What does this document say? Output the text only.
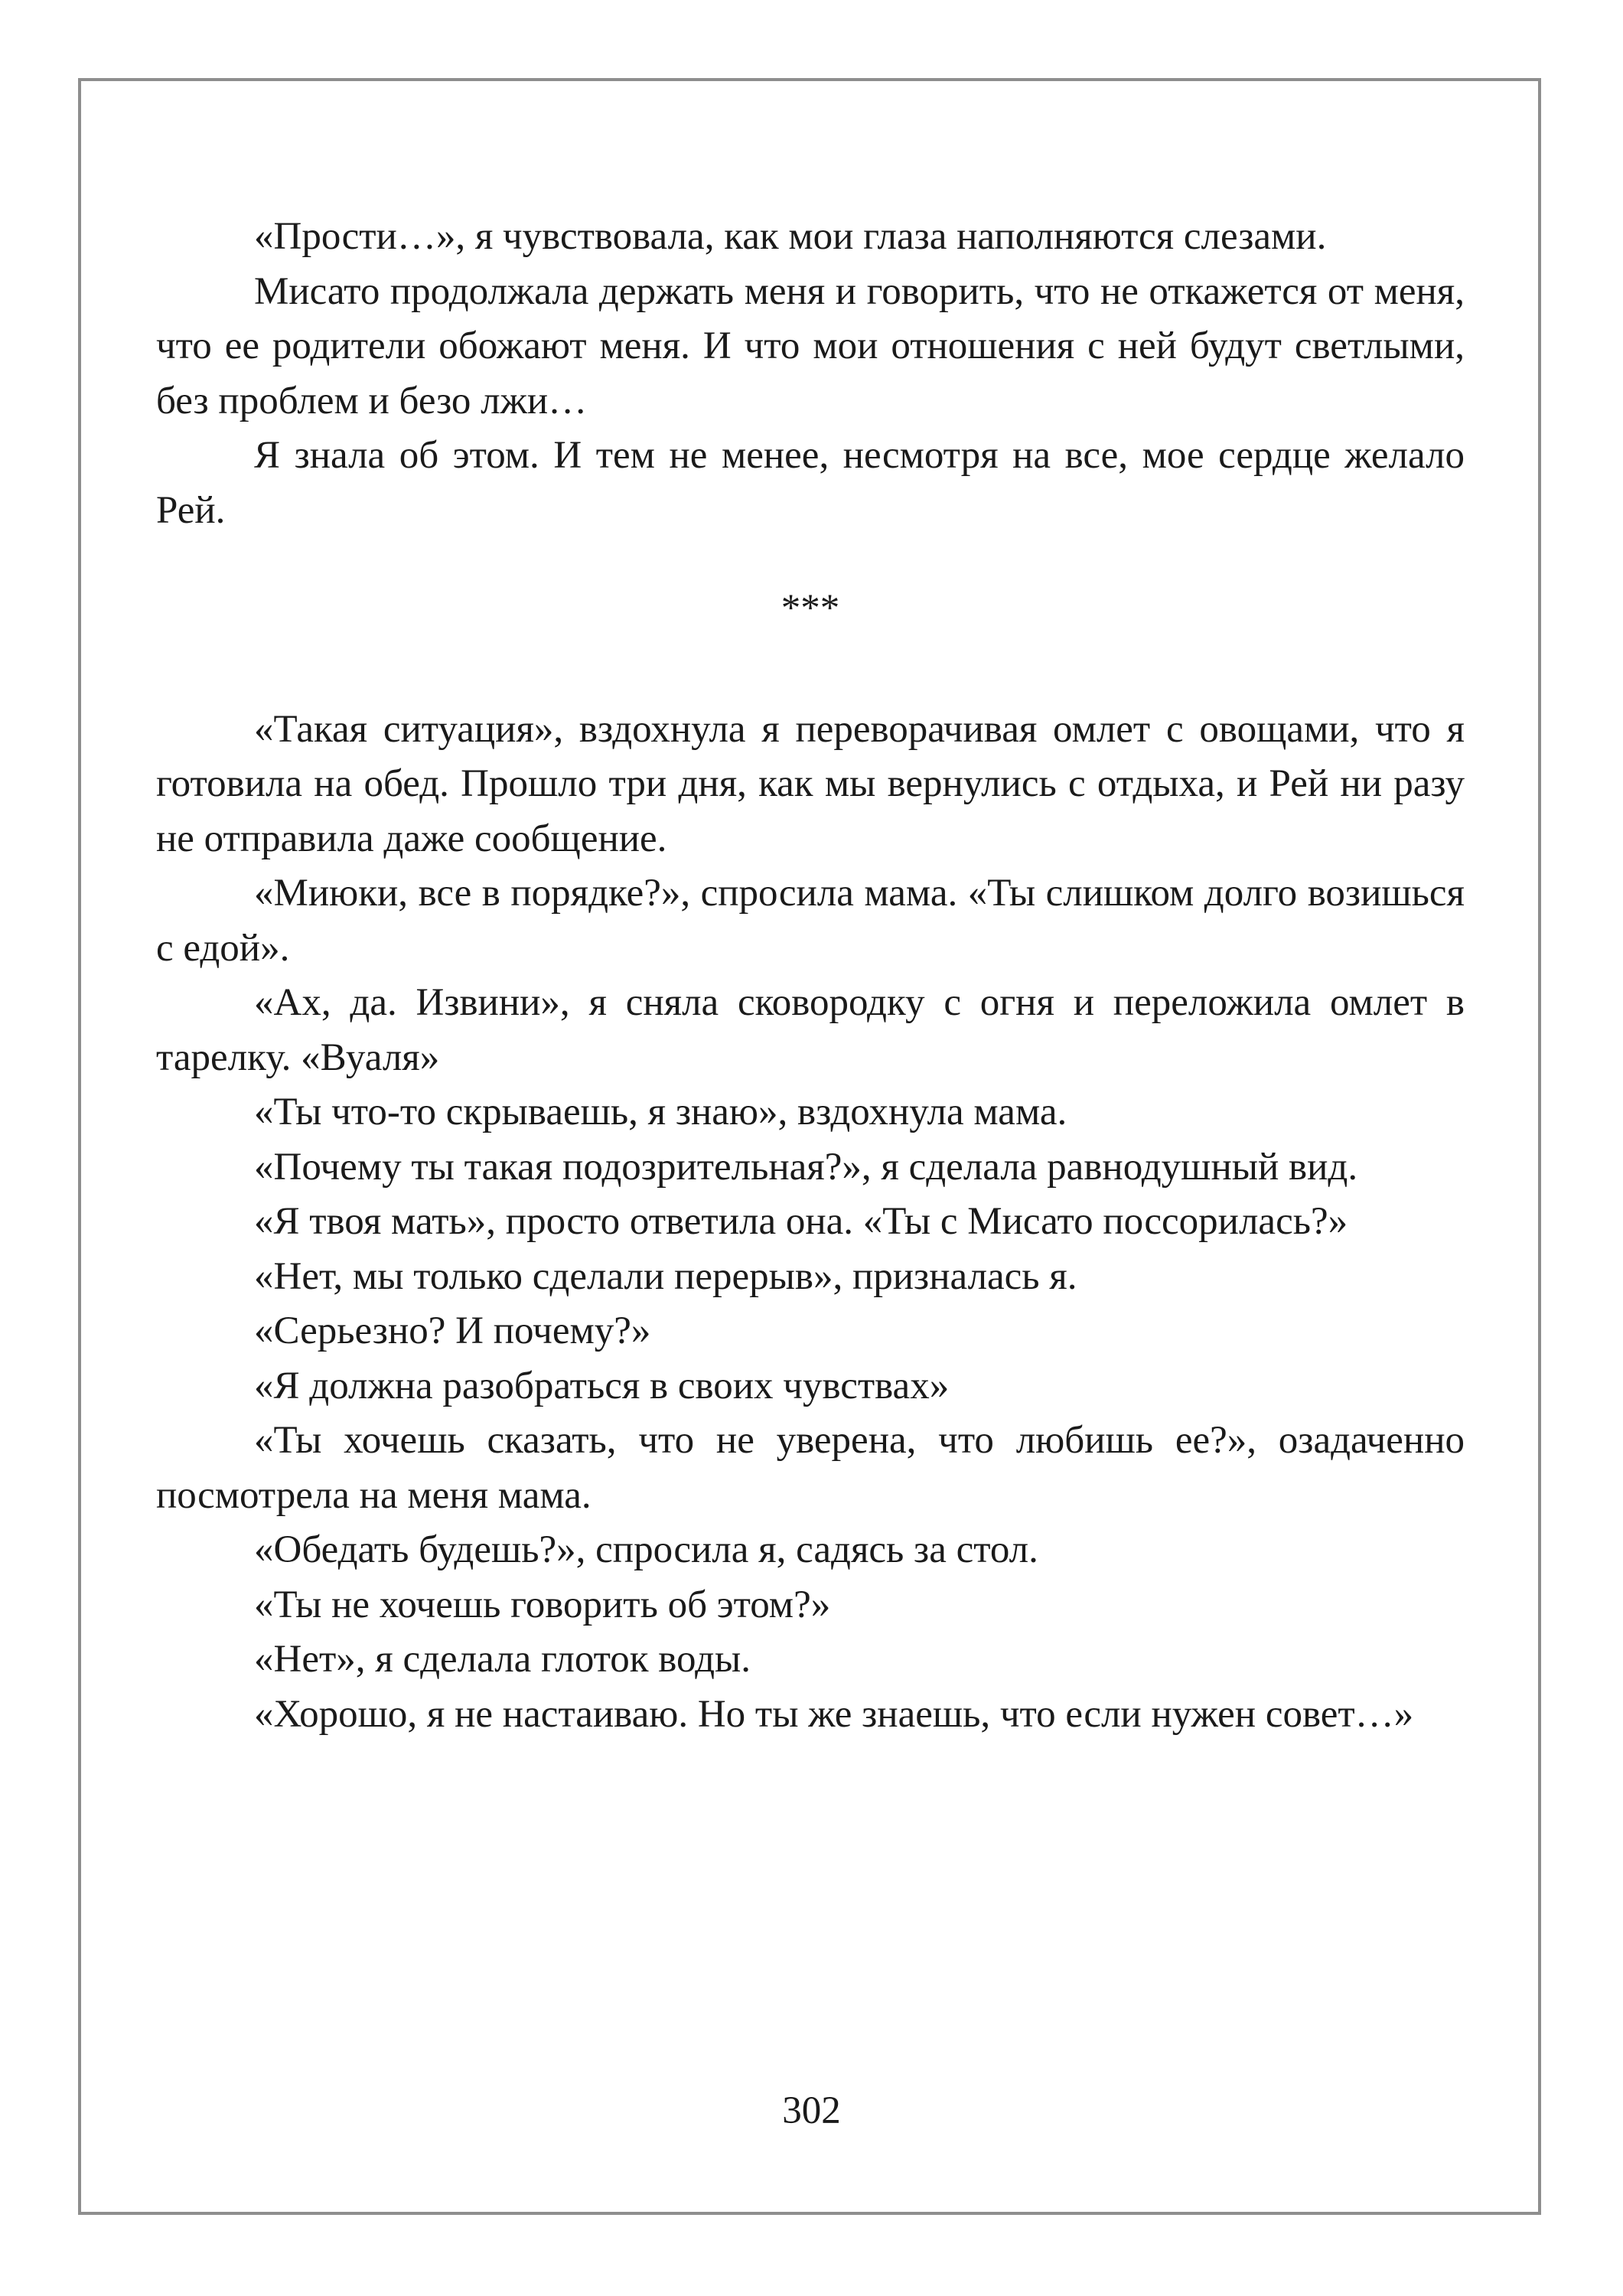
«Прости…», я чувствовала, как мои глаза наполняются слезами.

Мисато продолжала держать меня и говорить, что не откажется от меня, что ее родители обожают меня. И что мои отношения с ней будут светлыми, без проблем и безо лжи…

Я знала об этом. И тем не менее, несмотря на все, мое сердце желало Рей.

***

«Такая ситуация», вздохнула я переворачивая омлет с овощами, что я готовила на обед. Прошло три дня, как мы вернулись с отдыха, и Рей ни разу не отправила даже сообщение.

«Миюки, все в порядке?», спросила мама. «Ты слишком долго возишься с едой».

«Ах, да. Извини», я сняла сковородку с огня и переложила омлет в тарелку. «Вуаля»

«Ты что-то скрываешь, я знаю», вздохнула мама.

«Почему ты такая подозрительная?», я сделала равнодушный вид.

«Я твоя мать», просто ответила она. «Ты с Мисато поссорилась?»

«Нет, мы только сделали перерыв», призналась я.

«Серьезно? И почему?»

«Я должна разобраться в своих чувствах»

«Ты хочешь сказать, что не уверена, что любишь ее?», озадаченно посмотрела на меня мама.

«Обедать будешь?», спросила я, садясь за стол.

«Ты не хочешь говорить об этом?»

«Нет», я сделала глоток воды.

«Хорошо, я не настаиваю. Но ты же знаешь, что если нужен совет…»

302
